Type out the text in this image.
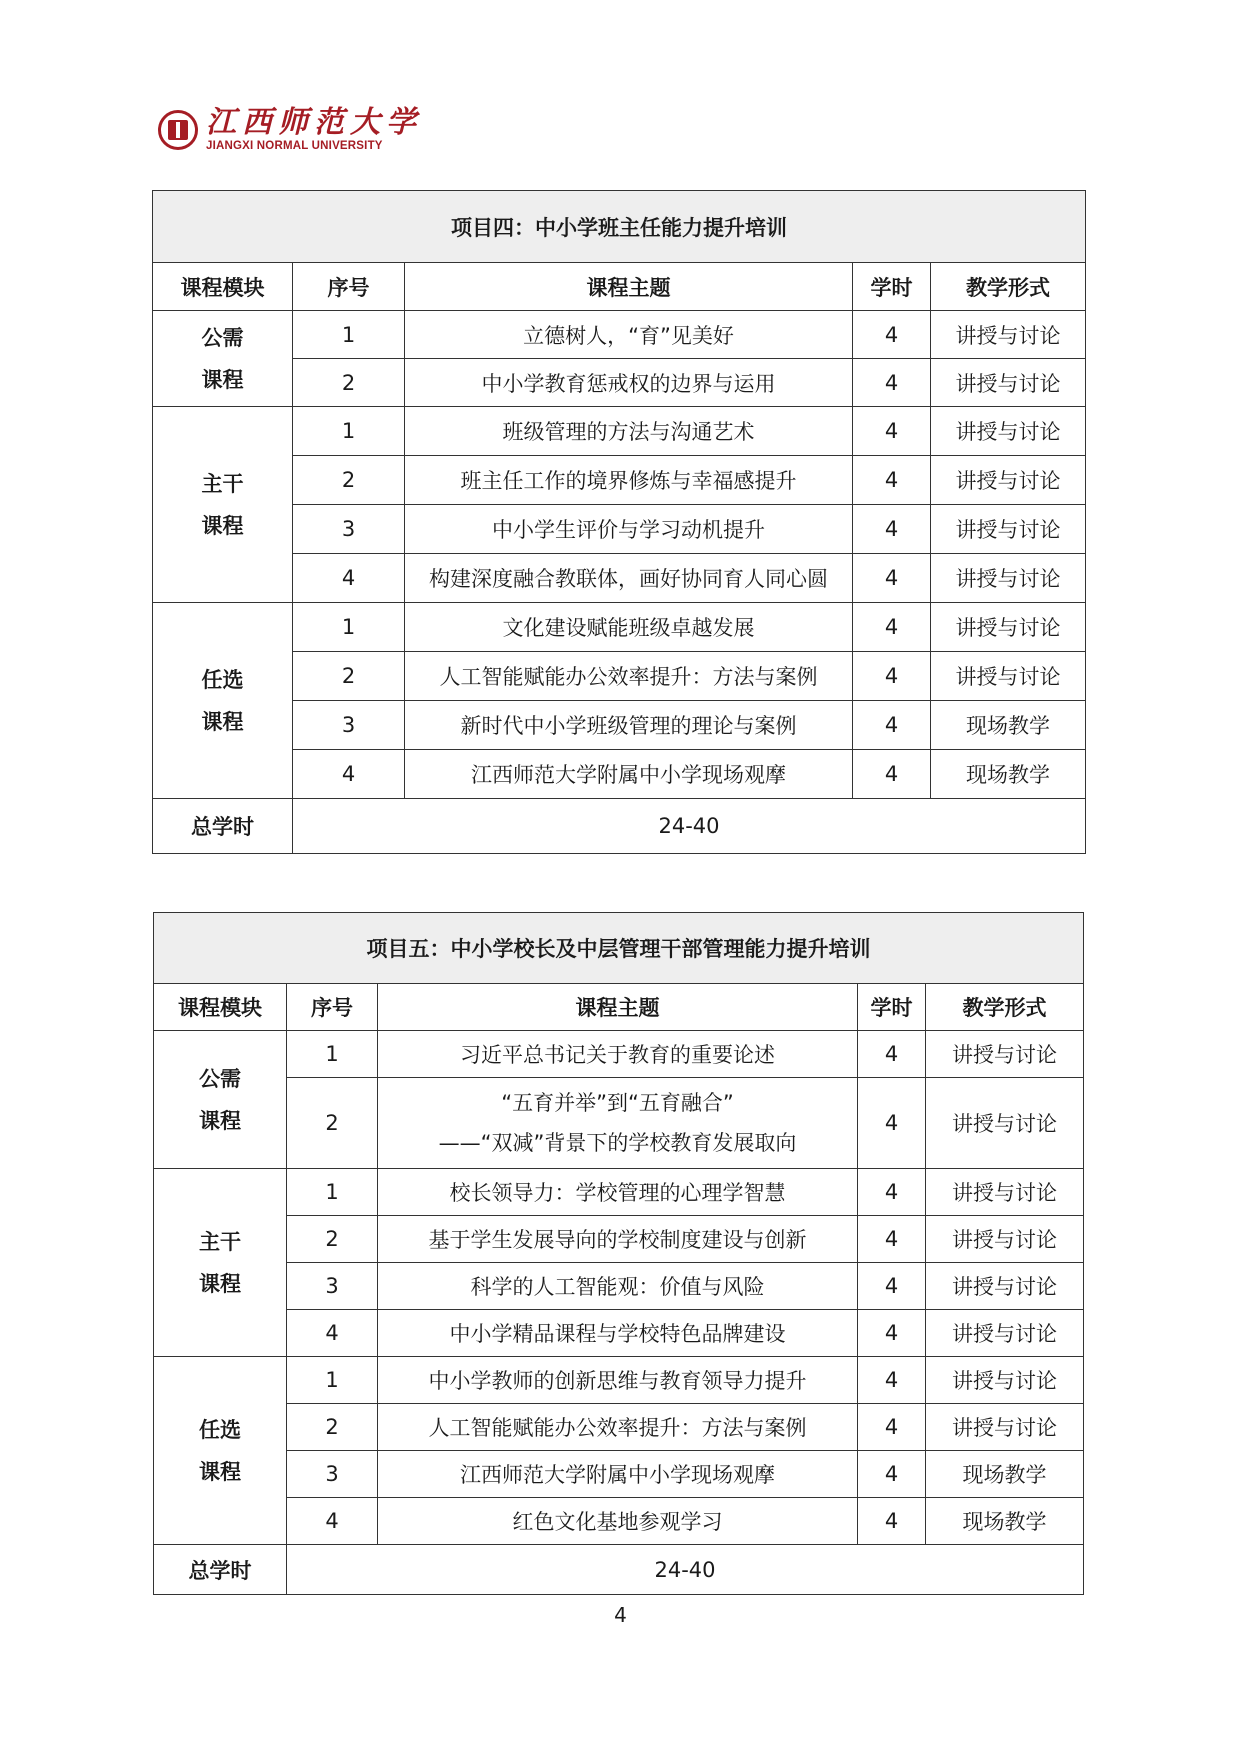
江西师范大学
JIANGXI NORMAL UNIVERSITY
项目四：中小学班主任能力提升培训				
课程模块	序号	课程主题	学时	教学形式
公需
课程	1	立德树人，“育”见美好	4	讲授与讨论
	2	中小学教育惩戒权的边界与运用	4	讲授与讨论
主干
课程	1	班级管理的方法与沟通艺术	4	讲授与讨论
	2	班主任工作的境界修炼与幸福感提升	4	讲授与讨论
	3	中小学生评价与学习动机提升	4	讲授与讨论
	4	构建深度融合教联体，画好协同育人同心圆	4	讲授与讨论
任选
课程	1	文化建设赋能班级卓越发展	4	讲授与讨论
	2	人工智能赋能办公效率提升：方法与案例	4	讲授与讨论
	3	新时代中小学班级管理的理论与案例	4	现场教学
	4	江西师范大学附属中小学现场观摩	4	现场教学
总学时	24-40			
项目五：中小学校长及中层管理干部管理能力提升培训				
课程模块	序号	课程主题	学时	教学形式
公需
课程	1	习近平总书记关于教育的重要论述	4	讲授与讨论
	2	“五育并举”到“五育融合”
——“双减”背景下的学校教育发展取向	4	讲授与讨论
主干
课程	1	校长领导力：学校管理的心理学智慧	4	讲授与讨论
	2	基于学生发展导向的学校制度建设与创新	4	讲授与讨论
	3	科学的人工智能观：价值与风险	4	讲授与讨论
	4	中小学精品课程与学校特色品牌建设	4	讲授与讨论
任选
课程	1	中小学教师的创新思维与教育领导力提升	4	讲授与讨论
	2	人工智能赋能办公效率提升：方法与案例	4	讲授与讨论
	3	江西师范大学附属中小学现场观摩	4	现场教学
	4	红色文化基地参观学习	4	现场教学
总学时	24-40			
4
